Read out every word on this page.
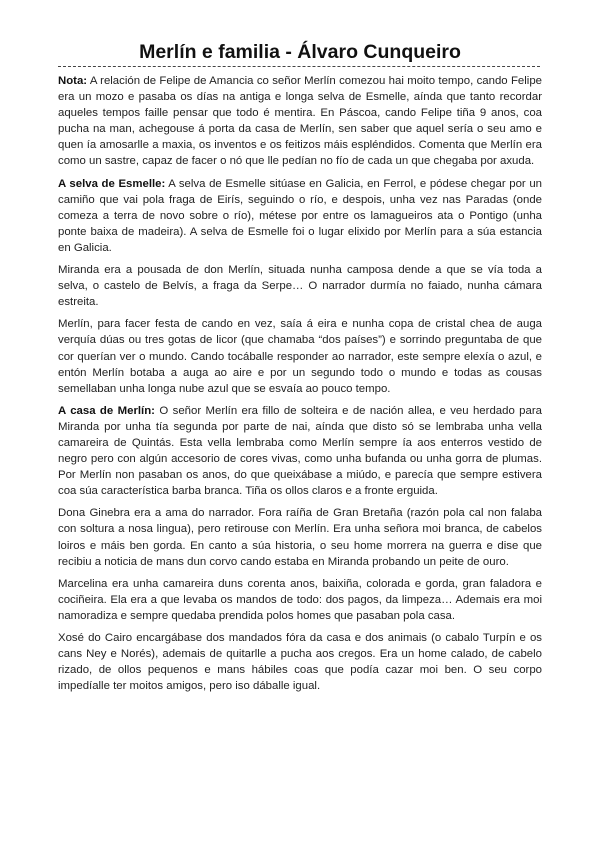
Merlín e familia - Álvaro Cunqueiro

Nota: A relación de Felipe de Amancia co señor Merlín comezou hai moito tempo, cando Felipe era un mozo e pasaba os días na antiga e longa selva de Esmelle, aínda que tanto recordar aqueles tempos faille pensar que todo é mentira. En Páscoa, cando Felipe tiña 9 anos, coa pucha na man, achegouse á porta da casa de Merlín, sen saber que aquel sería o seu amo e quen ía amosarlle a maxia, os inventos e os feitizos máis espléndidos. Comenta que Merlín era como un sastre, capaz de facer o nó que lle pedían no fío de cada un que chegaba por axuda.

A selva de Esmelle: A selva de Esmelle sitúase en Galicia, en Ferrol, e pódese chegar por un camiño que vai pola fraga de Eirís, seguindo o río, e despois, unha vez nas Paradas (onde comeza a terra de novo sobre o río), métese por entre os lamagueiros ata o Pontigo (unha ponte baixa de madeira). A selva de Esmelle foi o lugar elixido por Merlín para a súa estancia en Galicia.

Miranda era a pousada de don Merlín, situada nunha camposa dende a que se vía toda a selva, o castelo de Belvís, a fraga da Serpe… O narrador durmía no faiado, nunha cámara estreita.

Merlín, para facer festa de cando en vez, saía á eira e nunha copa de cristal chea de auga verquía dúas ou tres gotas de licor (que chamaba “dos países”) e sorrindo preguntaba de que cor querían ver o mundo. Cando tocáballe responder ao narrador, este sempre elexía o azul, e entón Merlín botaba a auga ao aire e por un segundo todo o mundo e todas as cousas semellaban unha longa nube azul que se esvaía ao pouco tempo.

A casa de Merlín: O señor Merlín era fillo de solteira e de nación allea, e veu herdado para Miranda por unha tía segunda por parte de nai, aínda que disto só se lembraba unha vella camareira de Quintás. Esta vella lembraba como Merlín sempre ía aos enterros vestido de negro pero con algún accesorio de cores vivas, como unha bufanda ou unha gorra de plumas. Por Merlín non pasaban os anos, do que queixábase a miúdo, e parecía que sempre estivera coa súa característica barba branca. Tiña os ollos claros e a fronte erguida.

Dona Ginebra era a ama do narrador. Fora raíña de Gran Bretaña (razón pola cal non falaba con soltura a nosa lingua), pero retirouse con Merlín. Era unha señora moi branca, de cabelos loiros e máis ben gorda. En canto a súa historia, o seu home morrera na guerra e dise que recibiu a noticia de mans dun corvo cando estaba en Miranda probando un peite de ouro.

Marcelina era unha camareira duns corenta anos, baixiña, colorada e gorda, gran faladora e cociñeira. Ela era a que levaba os mandos de todo: dos pagos, da limpeza… Ademais era moi namoradiza e sempre quedaba prendida polos homes que pasaban pola casa.

Xosé do Cairo encargábase dos mandados fóra da casa e dos animais (o cabalo Turpín e os cans Ney e Norés), ademais de quitarlle a pucha aos cregos. Era un home calado, de cabelo rizado, de ollos pequenos e mans hábiles coas que podía cazar moi ben. O seu corpo impedíalle ter moitos amigos, pero iso dáballe igual.
